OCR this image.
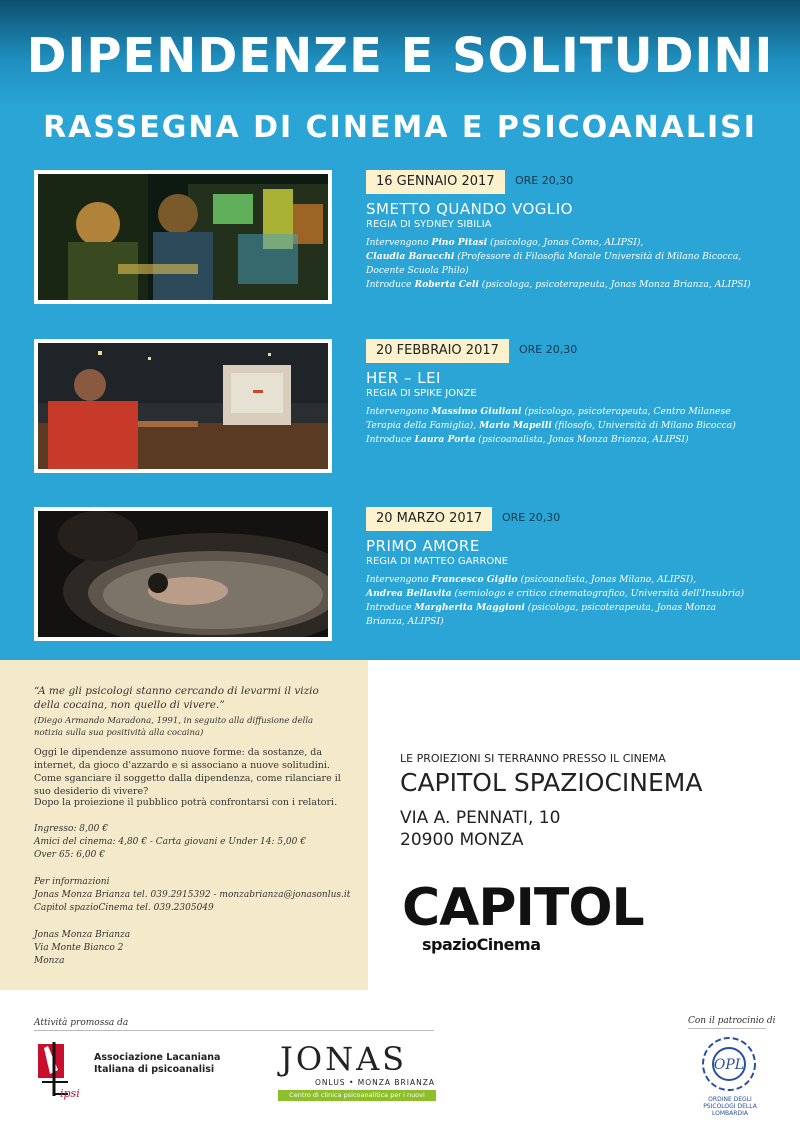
DIPENDENZE E SOLITUDINI
RASSEGNA DI CINEMA E PSICOANALISI
16 GENNAIO 2017	ORE 20,30
SMETTO QUANDO VOGLIO
REGIA DI SYDNEY SIBILIA
Intervengono Pino Pitasi (psicologo, Jonas Como, ALIPSI),
Claudia Baracchi (Professore di Filosofia Morale Università di Milano Bicocca, Docente Scuola Philo)
Introduce Roberta Celi (psicologa, psicoterapeuta, Jonas Monza Brianza, ALIPSI)
20 FEBBRAIO 2017	ORE 20,30
HER – LEI
REGIA DI SPIKE JONZE
Intervengono Massimo Giuliani (psicologo, psicoterapeuta, Centro Milanese Terapia della Famiglia), Mario Mapelli (filosofo, Università di Milano Bicocca)
Introduce Laura Porta (psicoanalista, Jonas Monza Brianza, ALIPSI)
20 MARZO 2017	ORE 20,30
PRIMO AMORE
REGIA DI MATTEO GARRONE
Intervengono Francesco Giglio (psicoanalista, Jonas Milano, ALIPSI),
Andrea Bellavita (semiologo e critico cinematografico, Università dell'Insubria)
Introduce Margherita Maggioni (psicologa, psicoterapeuta, Jonas Monza Brianza, ALIPSI)

“A me gli psicologi stanno cercando di levarmi il vizio della cocaina, non quello di vivere.”

(Diego Armando Maradona, 1991, in seguito alla diffusione della notizia sulla sua positività alla cocaina)

Oggi le dipendenze assumono nuove forme: da sostanze, da internet, da gioco d'azzardo e si associano a nuove solitudini. Come sganciare il soggetto dalla dipendenza, come rilanciare il suo desiderio di vivere?

Dopo la proiezione il pubblico potrà confrontarsi con i relatori.

Ingresso: 8,00 €
Amici del cinema: 4,80 € - Carta giovani e Under 14: 5,00 €
Over 65: 6,00 €
Per informazioni
Jonas Monza Brianza tel. 039.2915392 - monzabrianza@jonasonlus.it
Capitol spazioCinema tel. 039.2305049
Jonas Monza Brianza
Via Monte Bianco 2
Monza
LE PROIEZIONI SI TERRANNO PRESSO IL CINEMA
CAPITOL SPAZIOCINEMA
VIA A. PENNATI, 10
20900 MONZA
CAPITOL
spazioCinema
Attività promossa da	Con il patrocinio di
ipsi
Associazione Lacaniana Italiana di psicoanalisi	JONAS
ONLUS • MONZA BRIANZA
Centro di clinica psicoanalitica per i nuovi sintomi
OPL
ORDINE DEGLI PSICOLOGI DELLA LOMBARDIA
